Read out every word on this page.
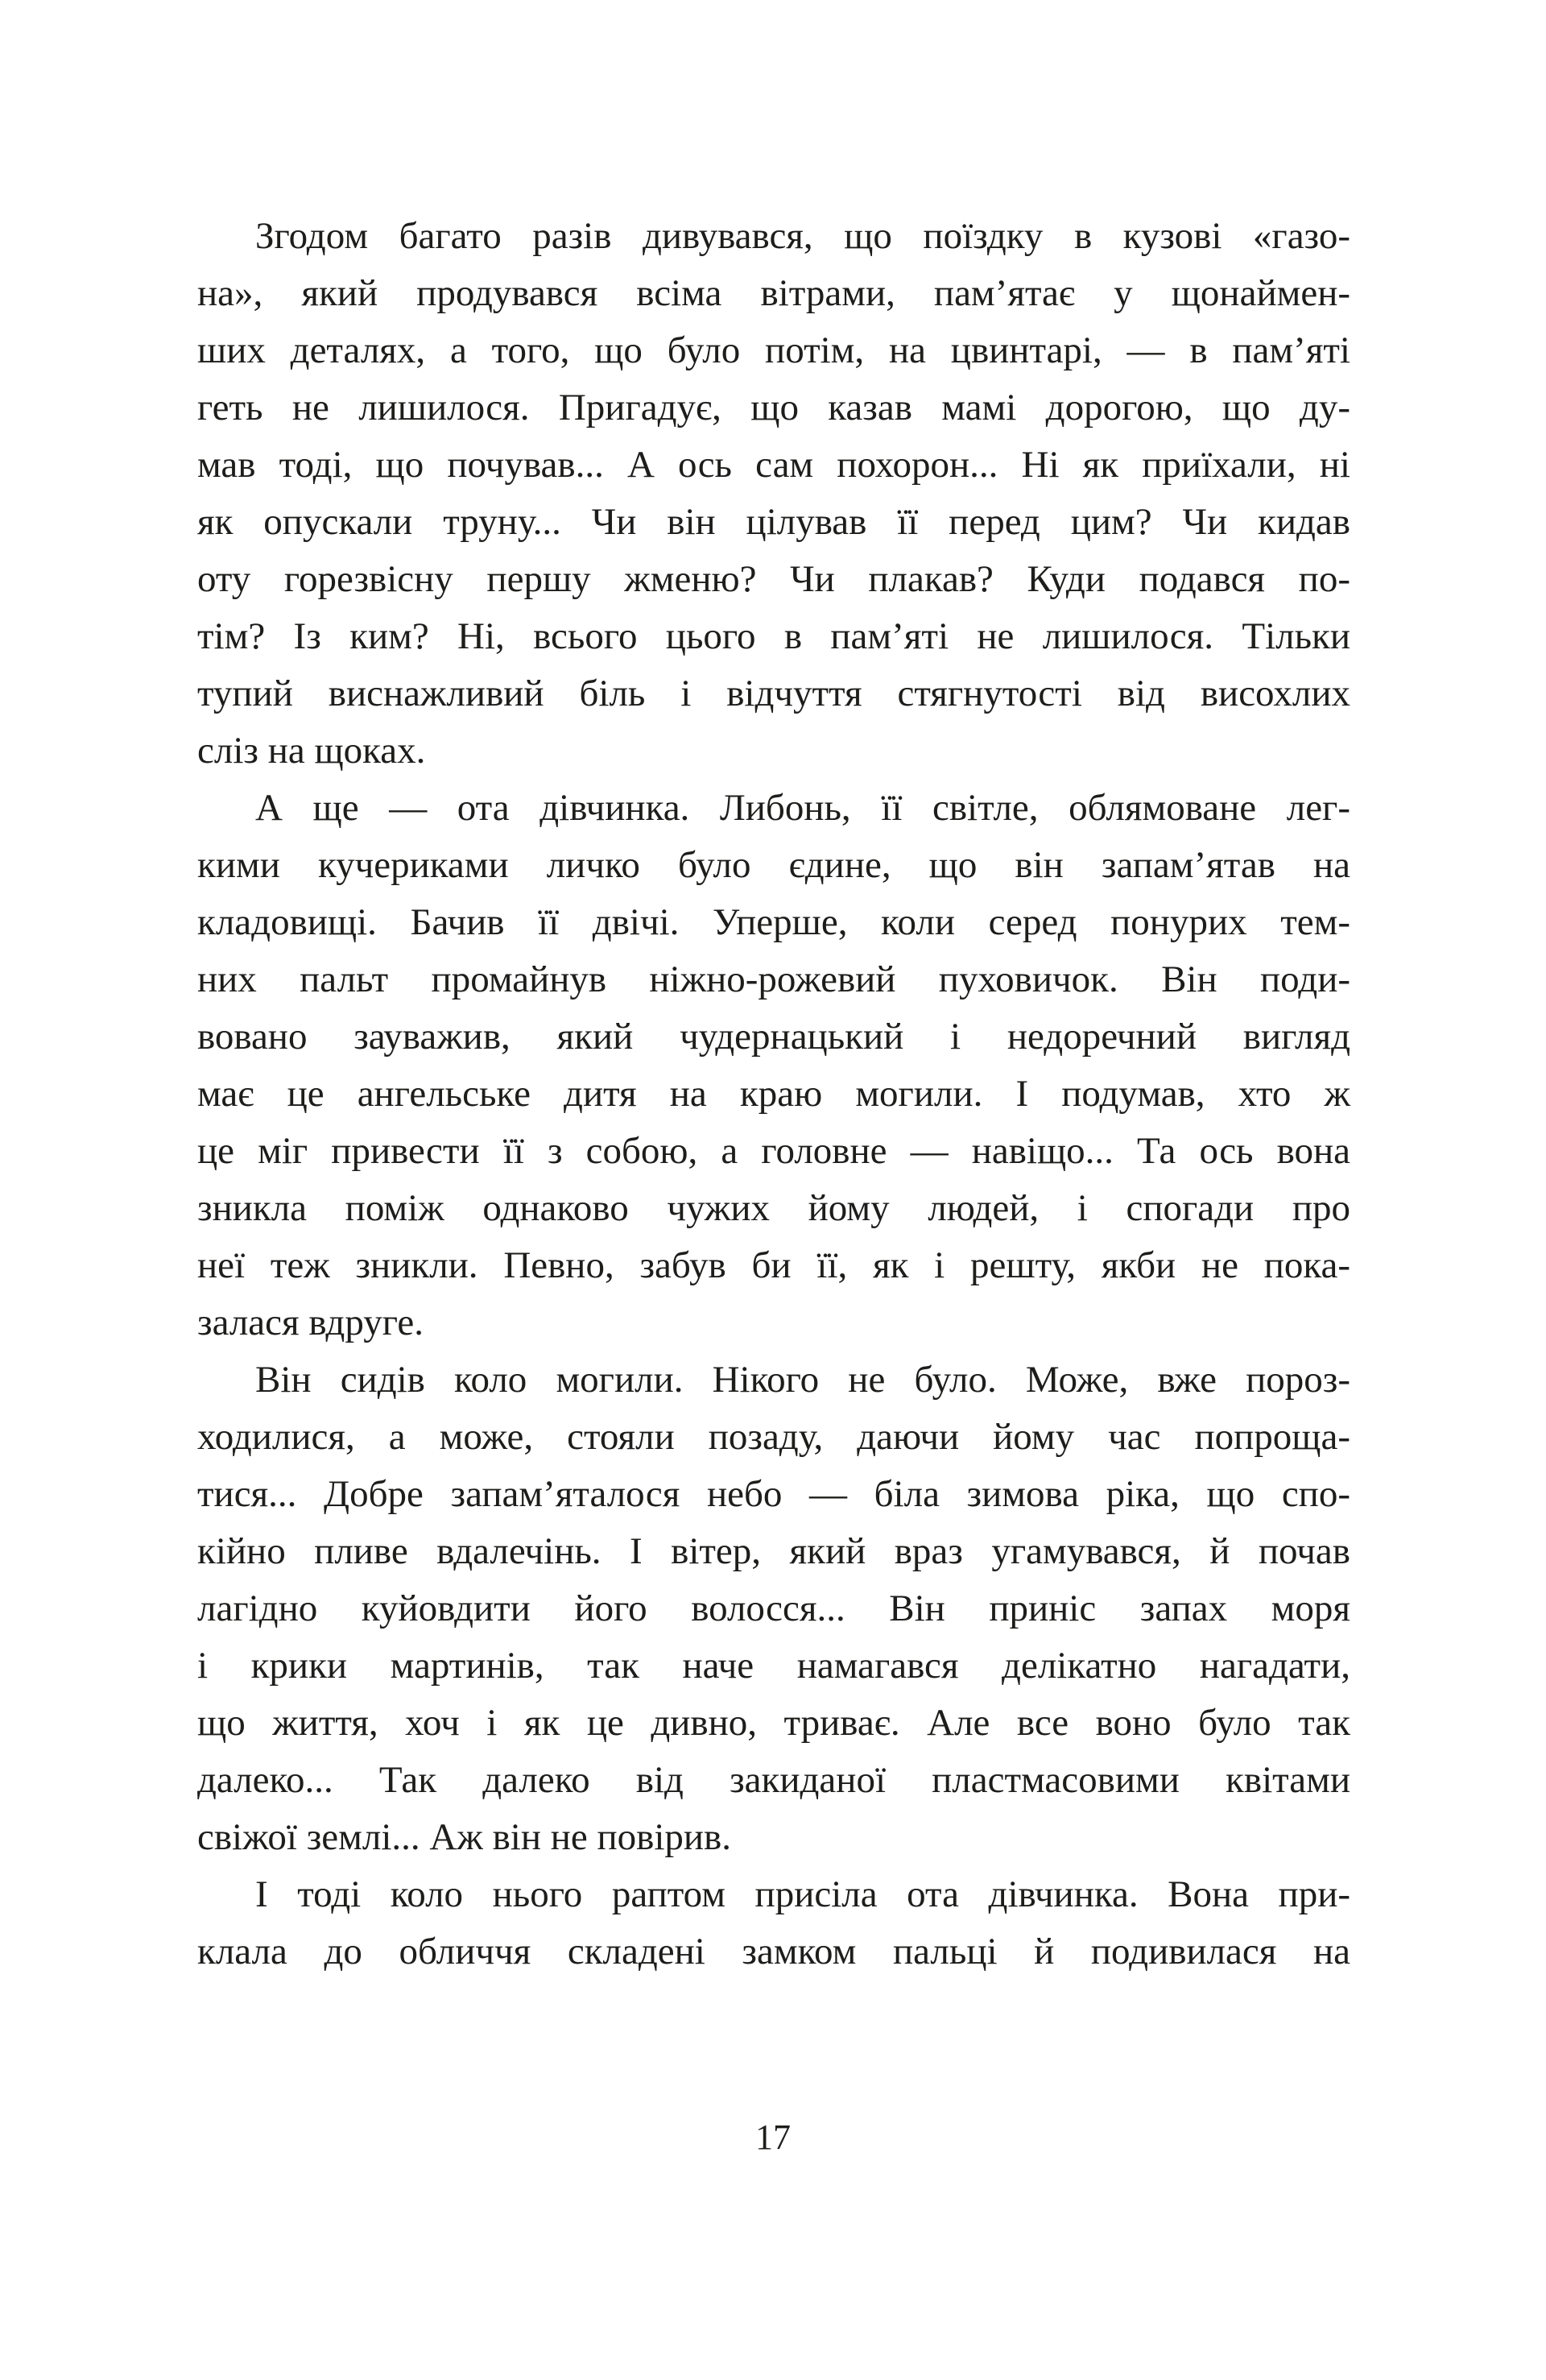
Згодом багато разів дивувався, що поїздку в кузові «газо-
на», який продувався всіма вітрами, пам’ятає у щонаймен-
ших деталях, а того, що було потім, на цвинтарі, — в пам’яті
геть не лишилося. Пригадує, що казав мамі дорогою, що ду-
мав тоді, що почував... А ось сам похорон... Ні як приїхали, ні
як опускали труну... Чи він цілував її перед цим? Чи кидав
оту горезвісну першу жменю? Чи плакав? Куди подався по-
тім? Із ким? Ні, всього цього в пам’яті не лишилося. Тільки
тупий виснажливий біль і відчуття стягнутості від висохлих
сліз на щоках.

А ще — ота дівчинка. Либонь, її світле, облямоване лег-
кими кучериками личко було єдине, що він запам’ятав на
кладовищі. Бачив її двічі. Уперше, коли серед понурих тем-
них пальт промайнув ніжно-рожевий пуховичок. Він поди-
вовано зауважив, який чудернацький і недоречний вигляд
має це ангельське дитя на краю могили. І подумав, хто ж
це міг привести її з собою, а головне — навіщо... Та ось вона
зникла поміж однаково чужих йому людей, і спогади про
неї теж зникли. Певно, забув би її, як і решту, якби не пока-
залася вдруге.

Він сидів коло могили. Нікого не було. Може, вже пороз-
ходилися, а може, стояли позаду, даючи йому час попроща-
тися... Добре запам’яталося небо — біла зимова ріка, що спо-
кійно пливе вдалечінь. І вітер, який враз угамувався, й почав
лагідно куйовдити його волосся... Він приніс запах моря
і крики мартинів, так наче намагався делікатно нагадати,
що життя, хоч і як це дивно, триває. Але все воно було так
далеко... Так далеко від закиданої пластмасовими квітами
свіжої землі... Аж він не повірив.

І тоді коло нього раптом присіла ота дівчинка. Вона при-
клала до обличчя складені замком пальці й подивилася на

17
